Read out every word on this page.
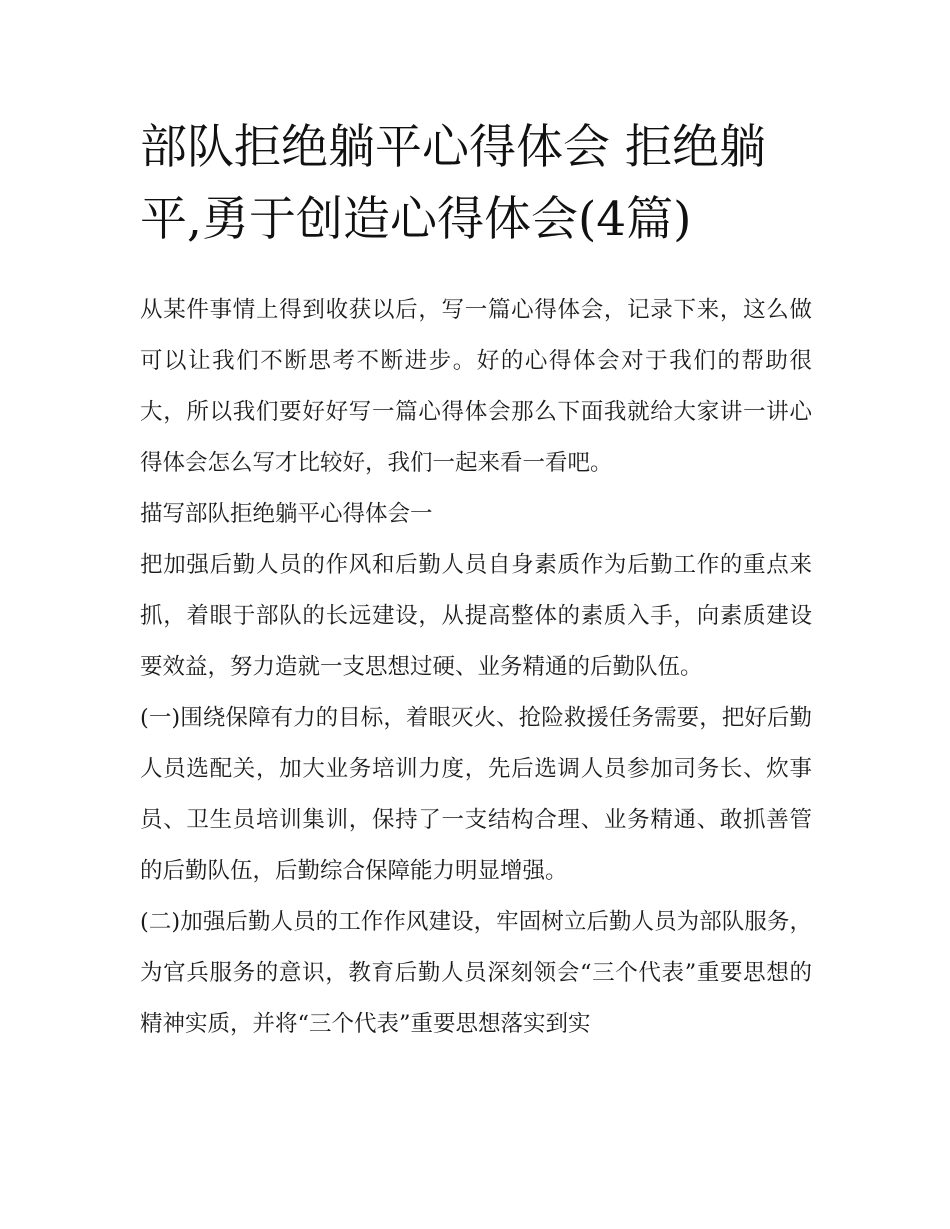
部队拒绝躺平心得体会 拒绝躺平,勇于创造心得体会(4篇)

从某件事情上得到收获以后，写一篇心得体会，记录下来，这么做可以让我们不断思考不断进步。好的心得体会对于我们的帮助很大，所以我们要好好写一篇心得体会那么下面我就给大家讲一讲心得体会怎么写才比较好，我们一起来看一看吧。

描写部队拒绝躺平心得体会一

把加强后勤人员的作风和后勤人员自身素质作为后勤工作的重点来抓，着眼于部队的长远建设，从提高整体的素质入手，向素质建设要效益，努力造就一支思想过硬、业务精通的后勤队伍。

(一)围绕保障有力的目标，着眼灭火、抢险救援任务需要，把好后勤人员选配关，加大业务培训力度，先后选调人员参加司务长、炊事员、卫生员培训集训，保持了一支结构合理、业务精通、敢抓善管的后勤队伍，后勤综合保障能力明显增强。

(二)加强后勤人员的工作作风建设，牢固树立后勤人员为部队服务，为官兵服务的意识，教育后勤人员深刻领会“三个代表”重要思想的精神实质，并将“三个代表”重要思想落实到实
